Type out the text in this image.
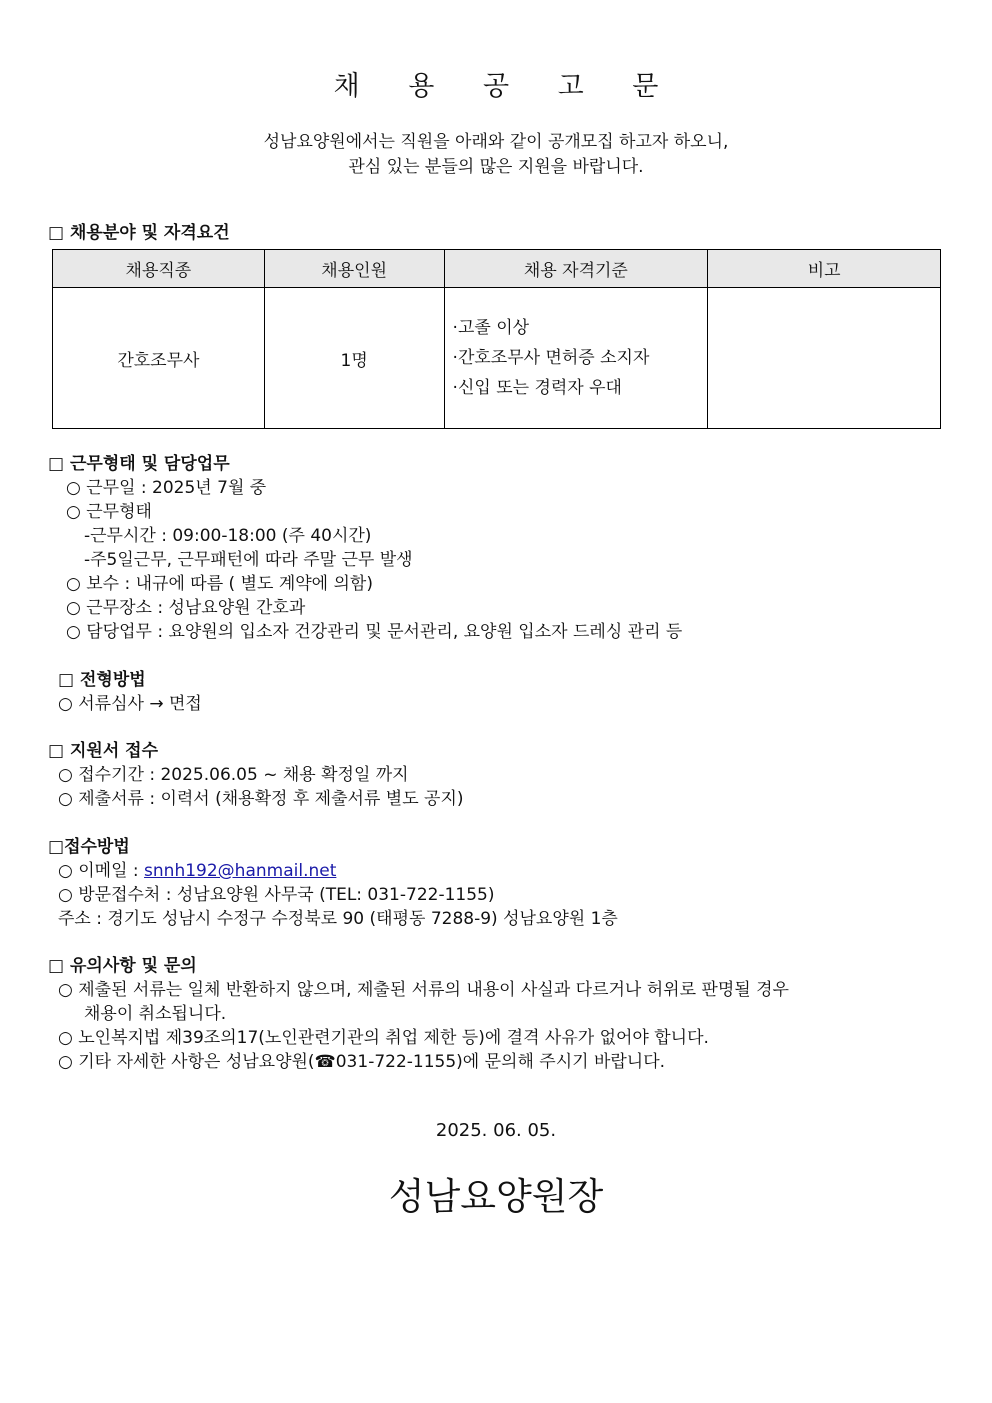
채 용 공 고 문
성남요양원에서는 직원을 아래와 같이 공개모집 하고자 하오니,
관심 있는 분들의 많은 지원을 바랍니다.
□ 채용분야 및 자격요건
채용직종	채용인원	채용 자격기준	비고
간호조무사	1명	·고졸 이상
·간호조무사 면허증 소지자
·신입 또는 경력자 우대	

□ 근무형태 및 담당업무
○ 근무일 : 2025년 7월 중
○ 근무형태
-근무시간 : 09:00-18:00 (주 40시간)
-주5일근무, 근무패턴에 따라 주말 근무 발생
○ 보수 : 내규에 따름 ( 별도 계약에 의함)
○ 근무장소 : 성남요양원 간호과
○ 담당업무 : 요양원의 입소자 건강관리 및 문서관리, 요양원 입소자 드레싱 관리 등
□ 전형방법
○ 서류심사 → 면접
□ 지원서 접수
○ 접수기간 : 2025.06.05 ~ 채용 확정일 까지
○ 제출서류 : 이력서 (채용확정 후 제출서류 별도 공지)
□접수방법
○ 이메일 : snnh192@hanmail.net
○ 방문접수처 : 성남요양원 사무국 (TEL: 031-722-1155)
주소 : 경기도 성남시 수정구 수정북로 90 (태평동 7288-9) 성남요양원 1층
□ 유의사항 및 문의
○ 제출된 서류는 일체 반환하지 않으며, 제출된 서류의 내용이 사실과 다르거나 허위로 판명될 경우
채용이 취소됩니다.
○ 노인복지법 제39조의17(노인관련기관의 취업 제한 등)에 결격 사유가 없어야 합니다.
○ 기타 자세한 사항은 성남요양원(☎031-722-1155)에 문의해 주시기 바랍니다.
2025. 06. 05.
성남요양원장
